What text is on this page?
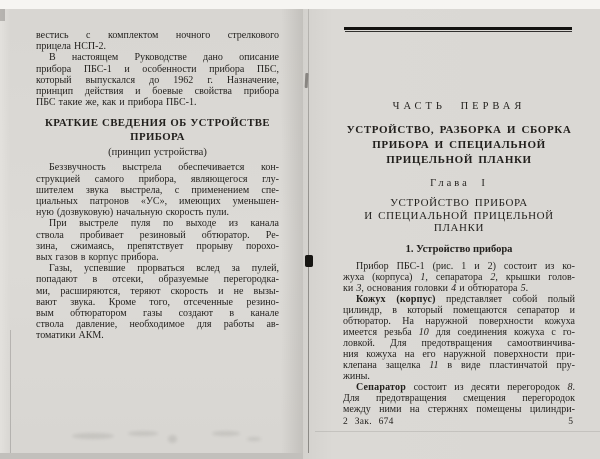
вестись с комплектом ночного стрелкового
прицела НСП-2.
В настоящем Руководстве дано описание
прибора ПБС-1 и особенности прибора ПБС,
который выпускался до 1962 г. Назначение,
принцип действия и боевые свойства прибора
ПБС такие же, как и прибора ПБС-1.
КРАТКИЕ СВЕДЕНИЯ ОБ УСТРОЙСТВЕ
ПРИБОРА
(принцип устройства)
Беззвучность выстрела обеспечивается кон-
струкцией самого прибора, являющегося глу-
шителем звука выстрела, с применением спе-
циальных патронов «УС», имеющих уменьшен-
ную (дозвуковую) начальную скорость пули.
При выстреле пуля по выходе из канала
ствола пробивает резиновый обтюратор. Ре-
зина, сжимаясь, препятствует прорыву порохо-
вых газов в корпус прибора.
Газы, успевшие прорваться вслед за пулей,
попадают в отсеки, образуемые перегородка-
ми, расширяются, теряют скорость и не вызы-
вают звука. Кроме того, отсеченные резино-
вым обтюратором газы создают в канале
ствола давление, необходимое для работы ав-
томатики АКМ.
ЧАСТЬ ПЕРВАЯ
УСТРОЙСТВО, РАЗБОРКА И СБОРКА
ПРИБОРА И СПЕЦИАЛЬНОЙ
ПРИЦЕЛЬНОЙ ПЛАНКИ
Глава I
УСТРОЙСТВО ПРИБОРА
И СПЕЦИАЛЬНОЙ ПРИЦЕЛЬНОЙ
ПЛАНКИ
1. Устройство прибора
Прибор ПБС-1 (рис. 1 и 2) состоит из ко-
жуха (корпуса) 1, сепаратора 2, крышки голов-
ки 3, основания головки 4 и обтюратора 5.
Кожух (корпус) представляет собой полый
цилиндр, в который помещаются сепаратор и
обтюратор. На наружной поверхности кожуха
имеется резьба 10 для соединения кожуха с го-
ловкой. Для предотвращения самоотвинчива-
ния кожуха на его наружной поверхности при-
клепана защелка 11 в виде пластинчатой пру-
жины.
Сепаратор состоит из десяти перегородок 8.
Для предотвращения смещения перегородок
между ними на стержнях помещены цилиндри-
2 Зак. 674	5
